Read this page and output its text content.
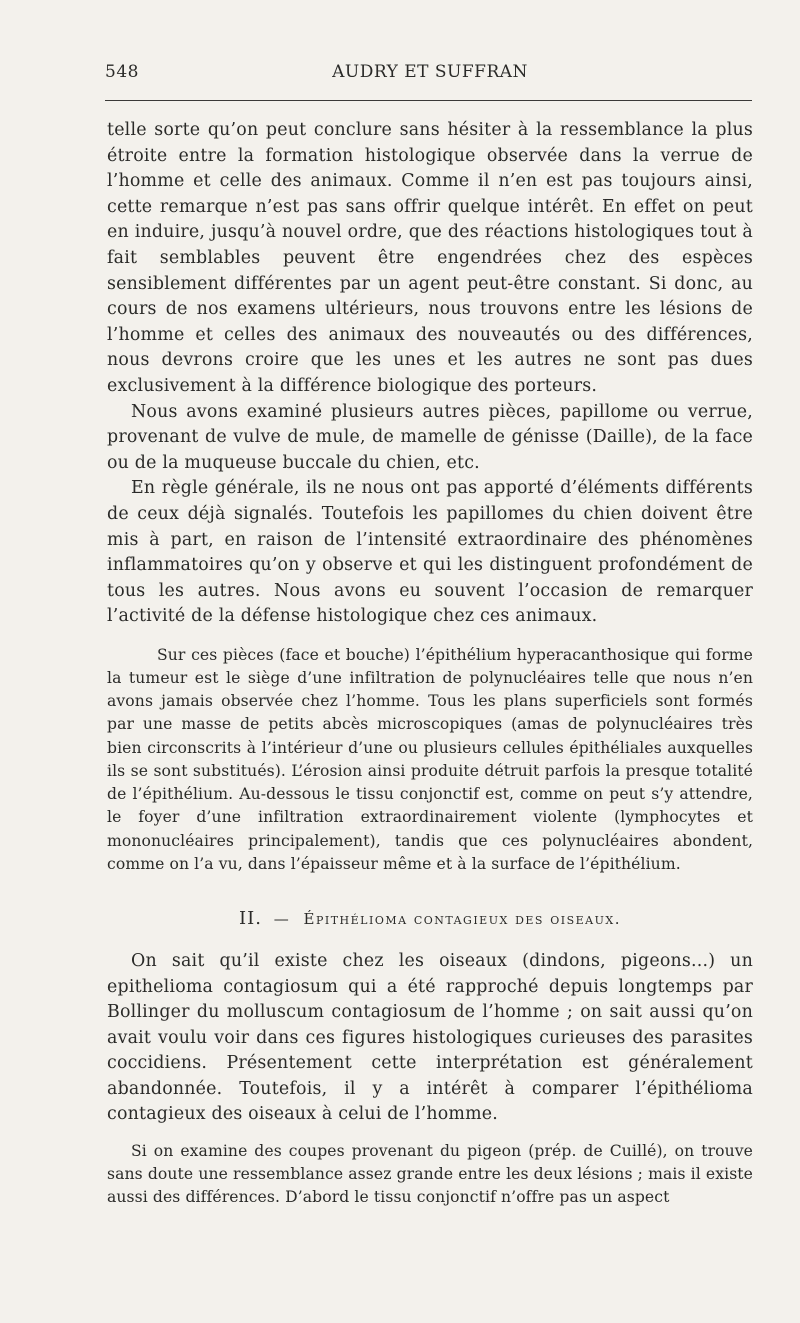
548	AUDRY ET SUFFRAN

telle sorte qu’on peut conclure sans hésiter à la ressemblance la plus étroite entre la formation histologique observée dans la verrue de l’homme et celle des animaux. Comme il n’en est pas toujours ainsi, cette remarque n’est pas sans offrir quelque intérêt. En effet on peut en induire, jusqu’à nouvel ordre, que des réactions histologiques tout à fait semblables peuvent être engendrées chez des espèces sensiblement différentes par un agent peut-être constant. Si donc, au cours de nos examens ultérieurs, nous trouvons entre les lésions de l’homme et celles des animaux des nouveautés ou des différences, nous devrons croire que les unes et les autres ne sont pas dues exclusivement à la différence biologique des porteurs.

Nous avons examiné plusieurs autres pièces, papillome ou verrue, provenant de vulve de mule, de mamelle de génisse (Daille), de la face ou de la muqueuse buccale du chien, etc.

En règle générale, ils ne nous ont pas apporté d’éléments différents de ceux déjà signalés. Toutefois les papillomes du chien doivent être mis à part, en raison de l’intensité extraordinaire des phénomènes inflammatoires qu’on y observe et qui les distinguent profondément de tous les autres. Nous avons eu souvent l’occasion de remarquer l’activité de la défense histologique chez ces animaux.

Sur ces pièces (face et bouche) l’épithélium hyperacanthosique qui forme la tumeur est le siège d’une infiltration de polynucléaires telle que nous n’en avons jamais observée chez l’homme. Tous les plans superficiels sont formés par une masse de petits abcès microscopiques (amas de polynucléaires très bien circonscrits à l’intérieur d’une ou plusieurs cellules épithéliales auxquelles ils se sont substitués). L’érosion ainsi produite détruit parfois la presque totalité de l’épithélium. Au-dessous le tissu conjonctif est, comme on peut s’y attendre, le foyer d’une infiltration extraordinairement violente (lymphocytes et mononucléaires principalement), tandis que ces polynucléaires abondent, comme on l’a vu, dans l’épaisseur même et à la surface de l’épithélium.

II. — Épithélioma contagieux des oiseaux.

On sait qu’il existe chez les oiseaux (dindons, pigeons...) un epithelioma contagiosum qui a été rapproché depuis longtemps par Bollinger du molluscum contagiosum de l’homme ; on sait aussi qu’on avait voulu voir dans ces figures histologiques curieuses des parasites coccidiens. Présentement cette interprétation est généralement abandonnée. Toutefois, il y a intérêt à comparer l’épithélioma contagieux des oiseaux à celui de l’homme.

Si on examine des coupes provenant du pigeon (prép. de Cuillé), on trouve sans doute une ressemblance assez grande entre les deux lésions ; mais il existe aussi des différences. D’abord le tissu conjonctif n’offre pas un aspect
